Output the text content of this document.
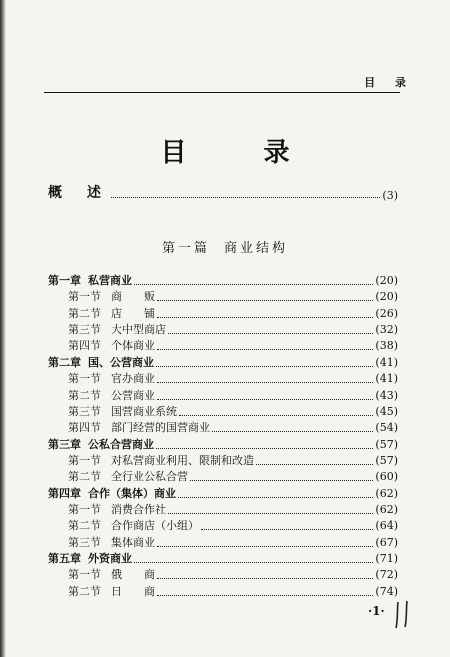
目 录
目 录
概 述	(3)
第一篇 商业结构
第一章 私营商业	(20)
第一节 商　　贩	(20)
第二节 店　　铺	(26)
第三节 大中型商店	(32)
第四节 个体商业	(38)
第二章 国、公营商业	(41)
第一节 官办商业	(41)
第二节 公营商业	(43)
第三节 国营商业系统	(45)
第四节 部门经营的国营商业	(54)
第三章 公私合营商业	(57)
第一节 对私营商业利用、限制和改造	(57)
第二节 全行业公私合营	(60)
第四章 合作（集体）商业	(62)
第一节 消费合作社	(62)
第二节 合作商店（小组）	(64)
第三节 集体商业	(67)
第五章 外资商业	(71)
第一节 俄　　商	(72)
第二节 日　　商	(74)
·1·
